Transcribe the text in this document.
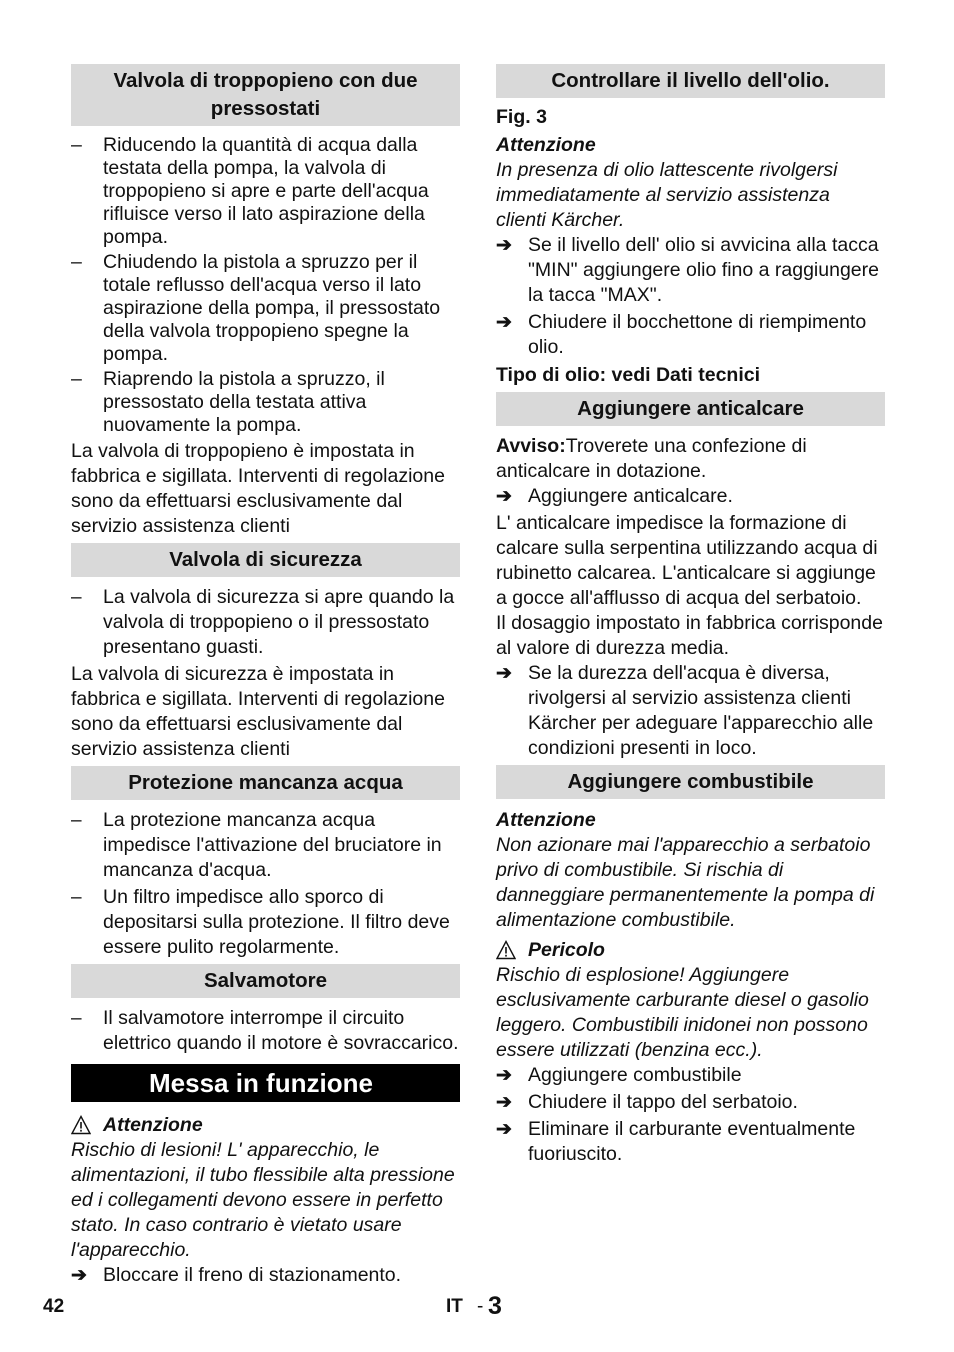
Valvola di troppopieno con due pressostati
– Riducendo la quantità di acqua dalla testata della pompa, la valvola di troppopieno si apre e parte dell'acqua rifluisce verso il lato aspirazione della pompa.
– Chiudendo la pistola a spruzzo per il totale reflusso dell'acqua verso il lato aspirazione della pompa, il pressostato della valvola troppopieno spegne la pompa.
– Riaprendo la pistola a spruzzo, il pressostato della testata attiva nuovamente la pompa.
La valvola di troppopieno è impostata in fabbrica e sigillata. Interventi di regolazione sono da effettuarsi esclusivamente dal servizio assistenza clienti
Valvola di sicurezza
– La valvola di sicurezza si apre quando la valvola di troppopieno o il pressostato presentano guasti.
La valvola di sicurezza è impostata in fabbrica e sigillata. Interventi di regolazione sono da effettuarsi esclusivamente dal servizio assistenza clienti
Protezione mancanza acqua
– La protezione mancanza acqua impedisce l'attivazione del bruciatore in mancanza d'acqua.
– Un filtro impedisce allo sporco di depositarsi sulla protezione. Il filtro deve essere pulito regolarmente.
Salvamotore
– Il salvamotore interrompe il circuito elettrico quando il motore è sovraccarico.
Messa in funzione
Attenzione
Rischio di lesioni! L' apparecchio, le alimentazioni, il tubo flessibile alta pressione ed i collegamenti devono essere in perfetto stato. In caso contrario è vietato usare l'apparecchio.
➔ Bloccare il freno di stazionamento.
Controllare il livello dell'olio.
Fig. 3
Attenzione
In presenza di olio lattescente rivolgersi immediatamente al servizio assistenza clienti Kärcher.
➔ Se il livello dell' olio si avvicina alla tacca "MIN" aggiungere olio fino a raggiungere la tacca "MAX".
➔ Chiudere il bocchettone di riempimento olio.
Tipo di olio: vedi Dati tecnici
Aggiungere anticalcare
Avviso:Troverete una confezione di anticalcare in dotazione.
➔ Aggiungere anticalcare.
L' anticalcare impedisce la formazione di calcare sulla serpentina utilizzando acqua di rubinetto calcarea. L'anticalcare si aggiunge a gocce all'afflusso di acqua del serbatoio.
Il dosaggio impostato in fabbrica corrisponde al valore di durezza media.
➔ Se la durezza dell'acqua è diversa, rivolgersi al servizio assistenza clienti Kärcher per adeguare l'apparecchio alle condizioni presenti in loco.
Aggiungere combustibile
Attenzione
Non azionare mai l'apparecchio a serbatoio privo di combustibile. Si rischia di danneggiare permanentemente la pompa di alimentazione combustibile.
Pericolo
Rischio di esplosione! Aggiungere esclusivamente carburante diesel o gasolio leggero. Combustibili inidonei non possono essere utilizzati (benzina ecc.).
➔ Aggiungere combustibile
➔ Chiudere il tappo del serbatoio.
➔ Eliminare il carburante eventualmente fuoriuscito.
42	IT - 3
